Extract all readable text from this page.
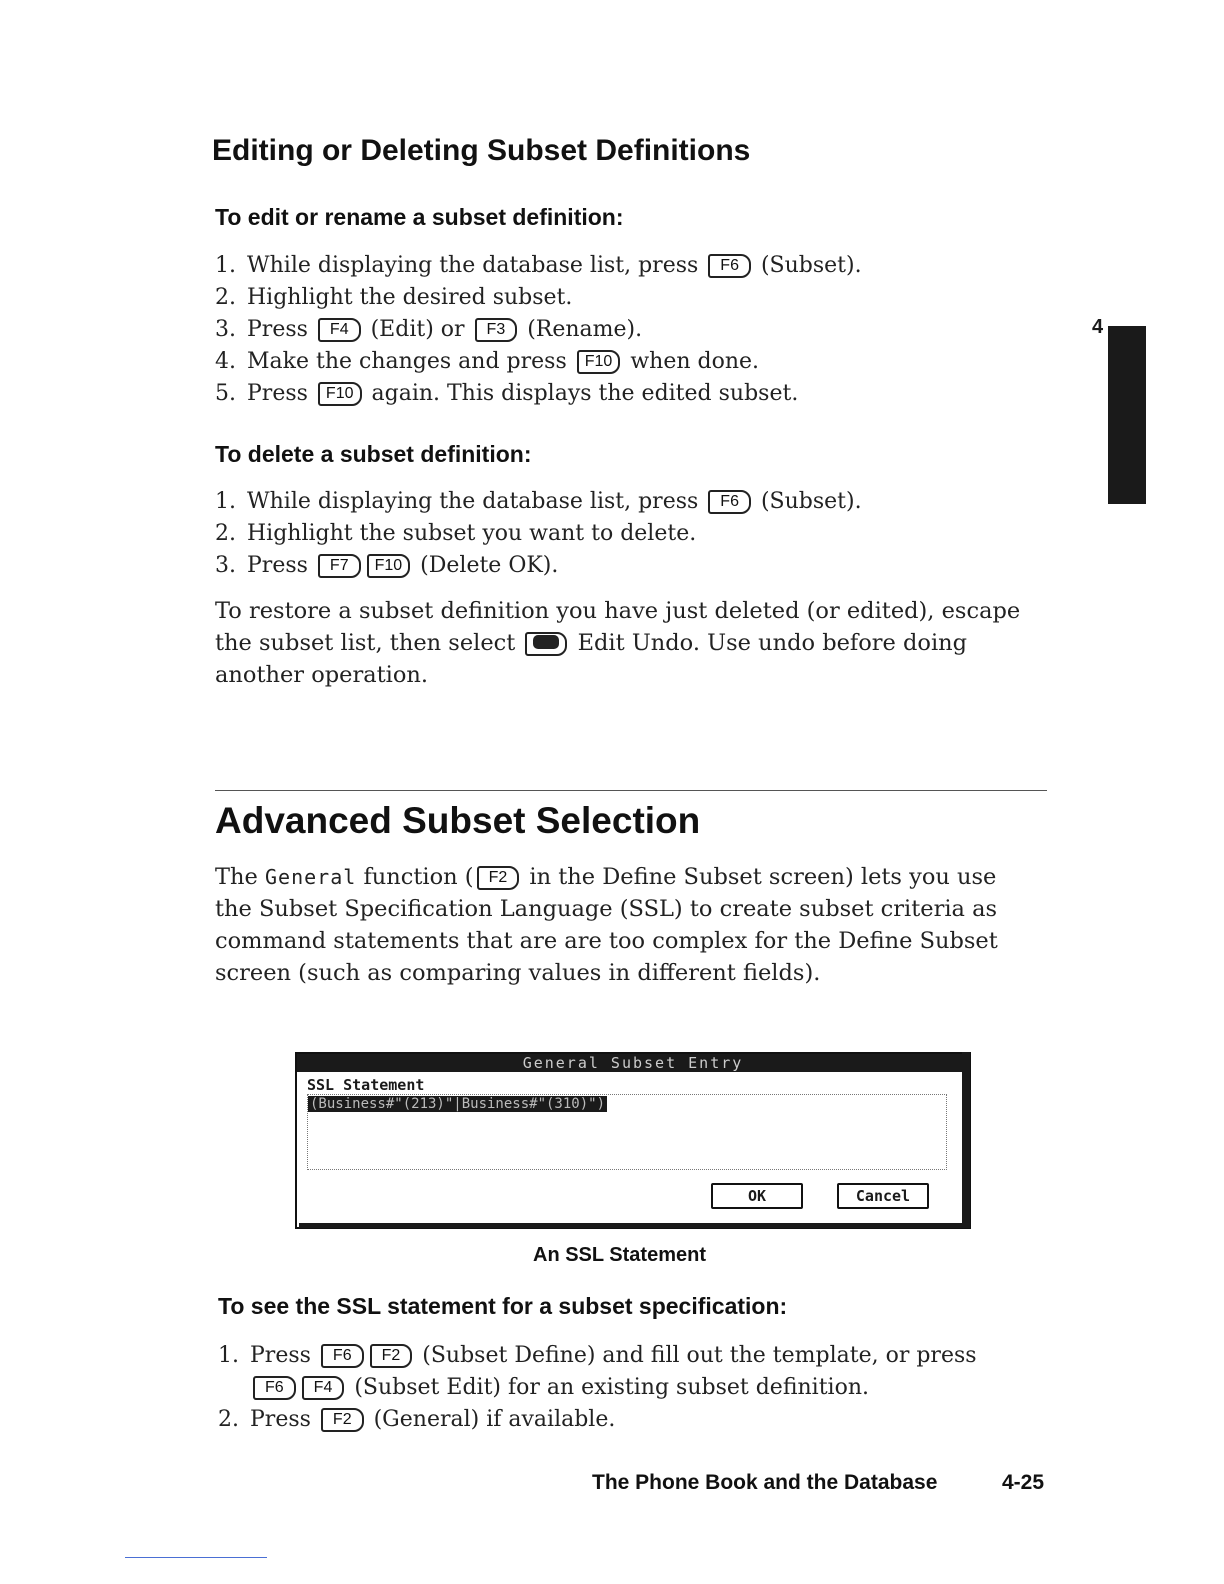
Editing or Deleting Subset Definitions
To edit or rename a subset definition:
1. While displaying the database list, press F6 (Subset).
2. Highlight the desired subset.
3. Press F4 (Edit) or F3 (Rename).
4. Make the changes and press F10 when done.
5. Press F10 again. This displays the edited subset.
4
To delete a subset definition:
1. While displaying the database list, press F6 (Subset).
2. Highlight the subset you want to delete.
3. Press F7 F10 (Delete OK).
To restore a subset definition you have just deleted (or edited), escape the subset list, then select	Edit Undo. Use undo before doing another operation.
Advanced Subset Selection
The General function ( F2 in the Define Subset screen) lets you use the Subset Specification Language (SSL) to create subset criteria as command statements that are are too complex for the Define Subset screen (such as comparing values in different fields).
General Subset Entry
SSL Statement
(Business#"(213)"|Business#"(310)")
OK	Cancel
An SSL Statement
To see the SSL statement for a subset specification:
1. Press F6 F2 (Subset Define) and fill out the template, or press
F6 F4 (Subset Edit) for an existing subset definition.
2. Press F2 (General) if available.
The Phone Book and the Database	4-25
